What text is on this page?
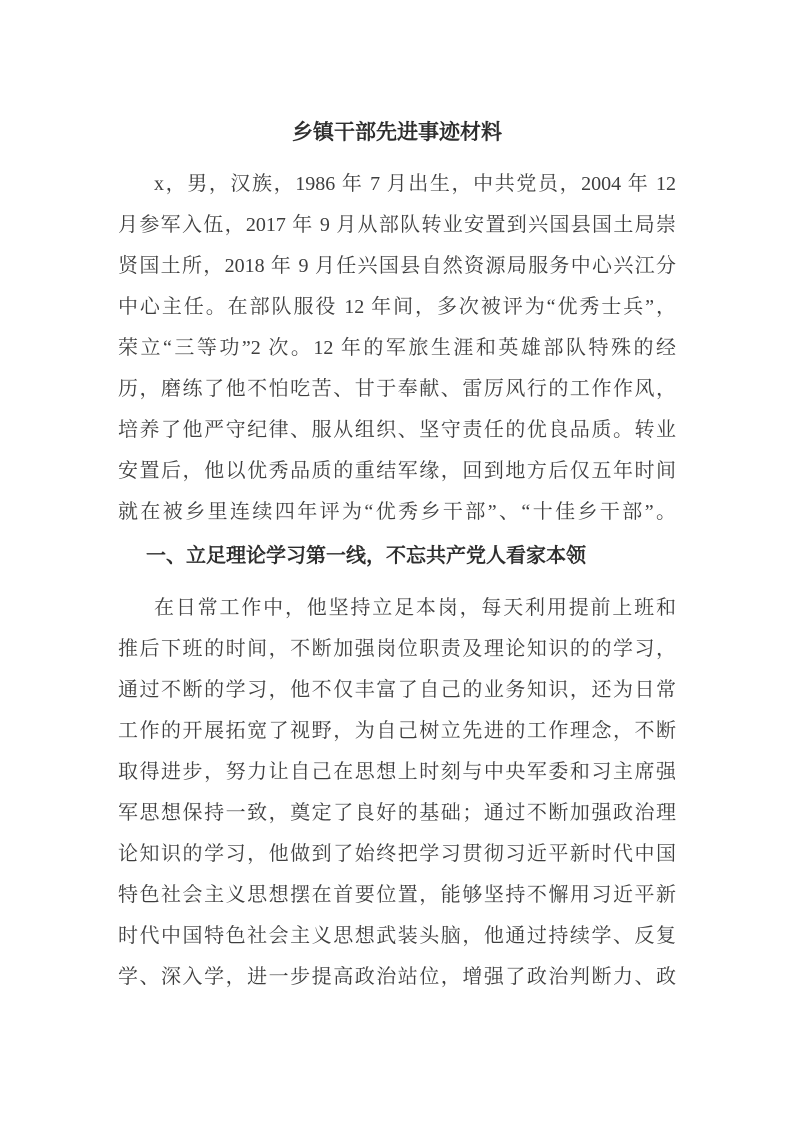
乡镇干部先进事迹材料
x，男，汉族，1986 年 7 月出生，中共党员，2004 年 12
月参军入伍，2017 年 9 月从部队转业安置到兴国县国土局崇
贤国土所，2018 年 9 月任兴国县自然资源局服务中心兴江分
中心主任。在部队服役 12 年间，多次被评为“优秀士兵”，
荣立“三等功”2 次。12 年的军旅生涯和英雄部队特殊的经
历，磨练了他不怕吃苦、甘于奉献、雷厉风行的工作作风，
培养了他严守纪律、服从组织、坚守责任的优良品质。转业
安置后，他以优秀品质的重结军缘，回到地方后仅五年时间
就在被乡里连续四年评为“优秀乡干部”、“十佳乡干部”。
一、立足理论学习第一线，不忘共产党人看家本领
在日常工作中，他坚持立足本岗，每天利用提前上班和
推后下班的时间，不断加强岗位职责及理论知识的的学习，
通过不断的学习，他不仅丰富了自己的业务知识，还为日常
工作的开展拓宽了视野，为自己树立先进的工作理念，不断
取得进步，努力让自己在思想上时刻与中央军委和习主席强
军思想保持一致，奠定了良好的基础；通过不断加强政治理
论知识的学习，他做到了始终把学习贯彻习近平新时代中国
特色社会主义思想摆在首要位置，能够坚持不懈用习近平新
时代中国特色社会主义思想武装头脑，他通过持续学、反复
学、深入学，进一步提高政治站位，增强了政治判断力、政
